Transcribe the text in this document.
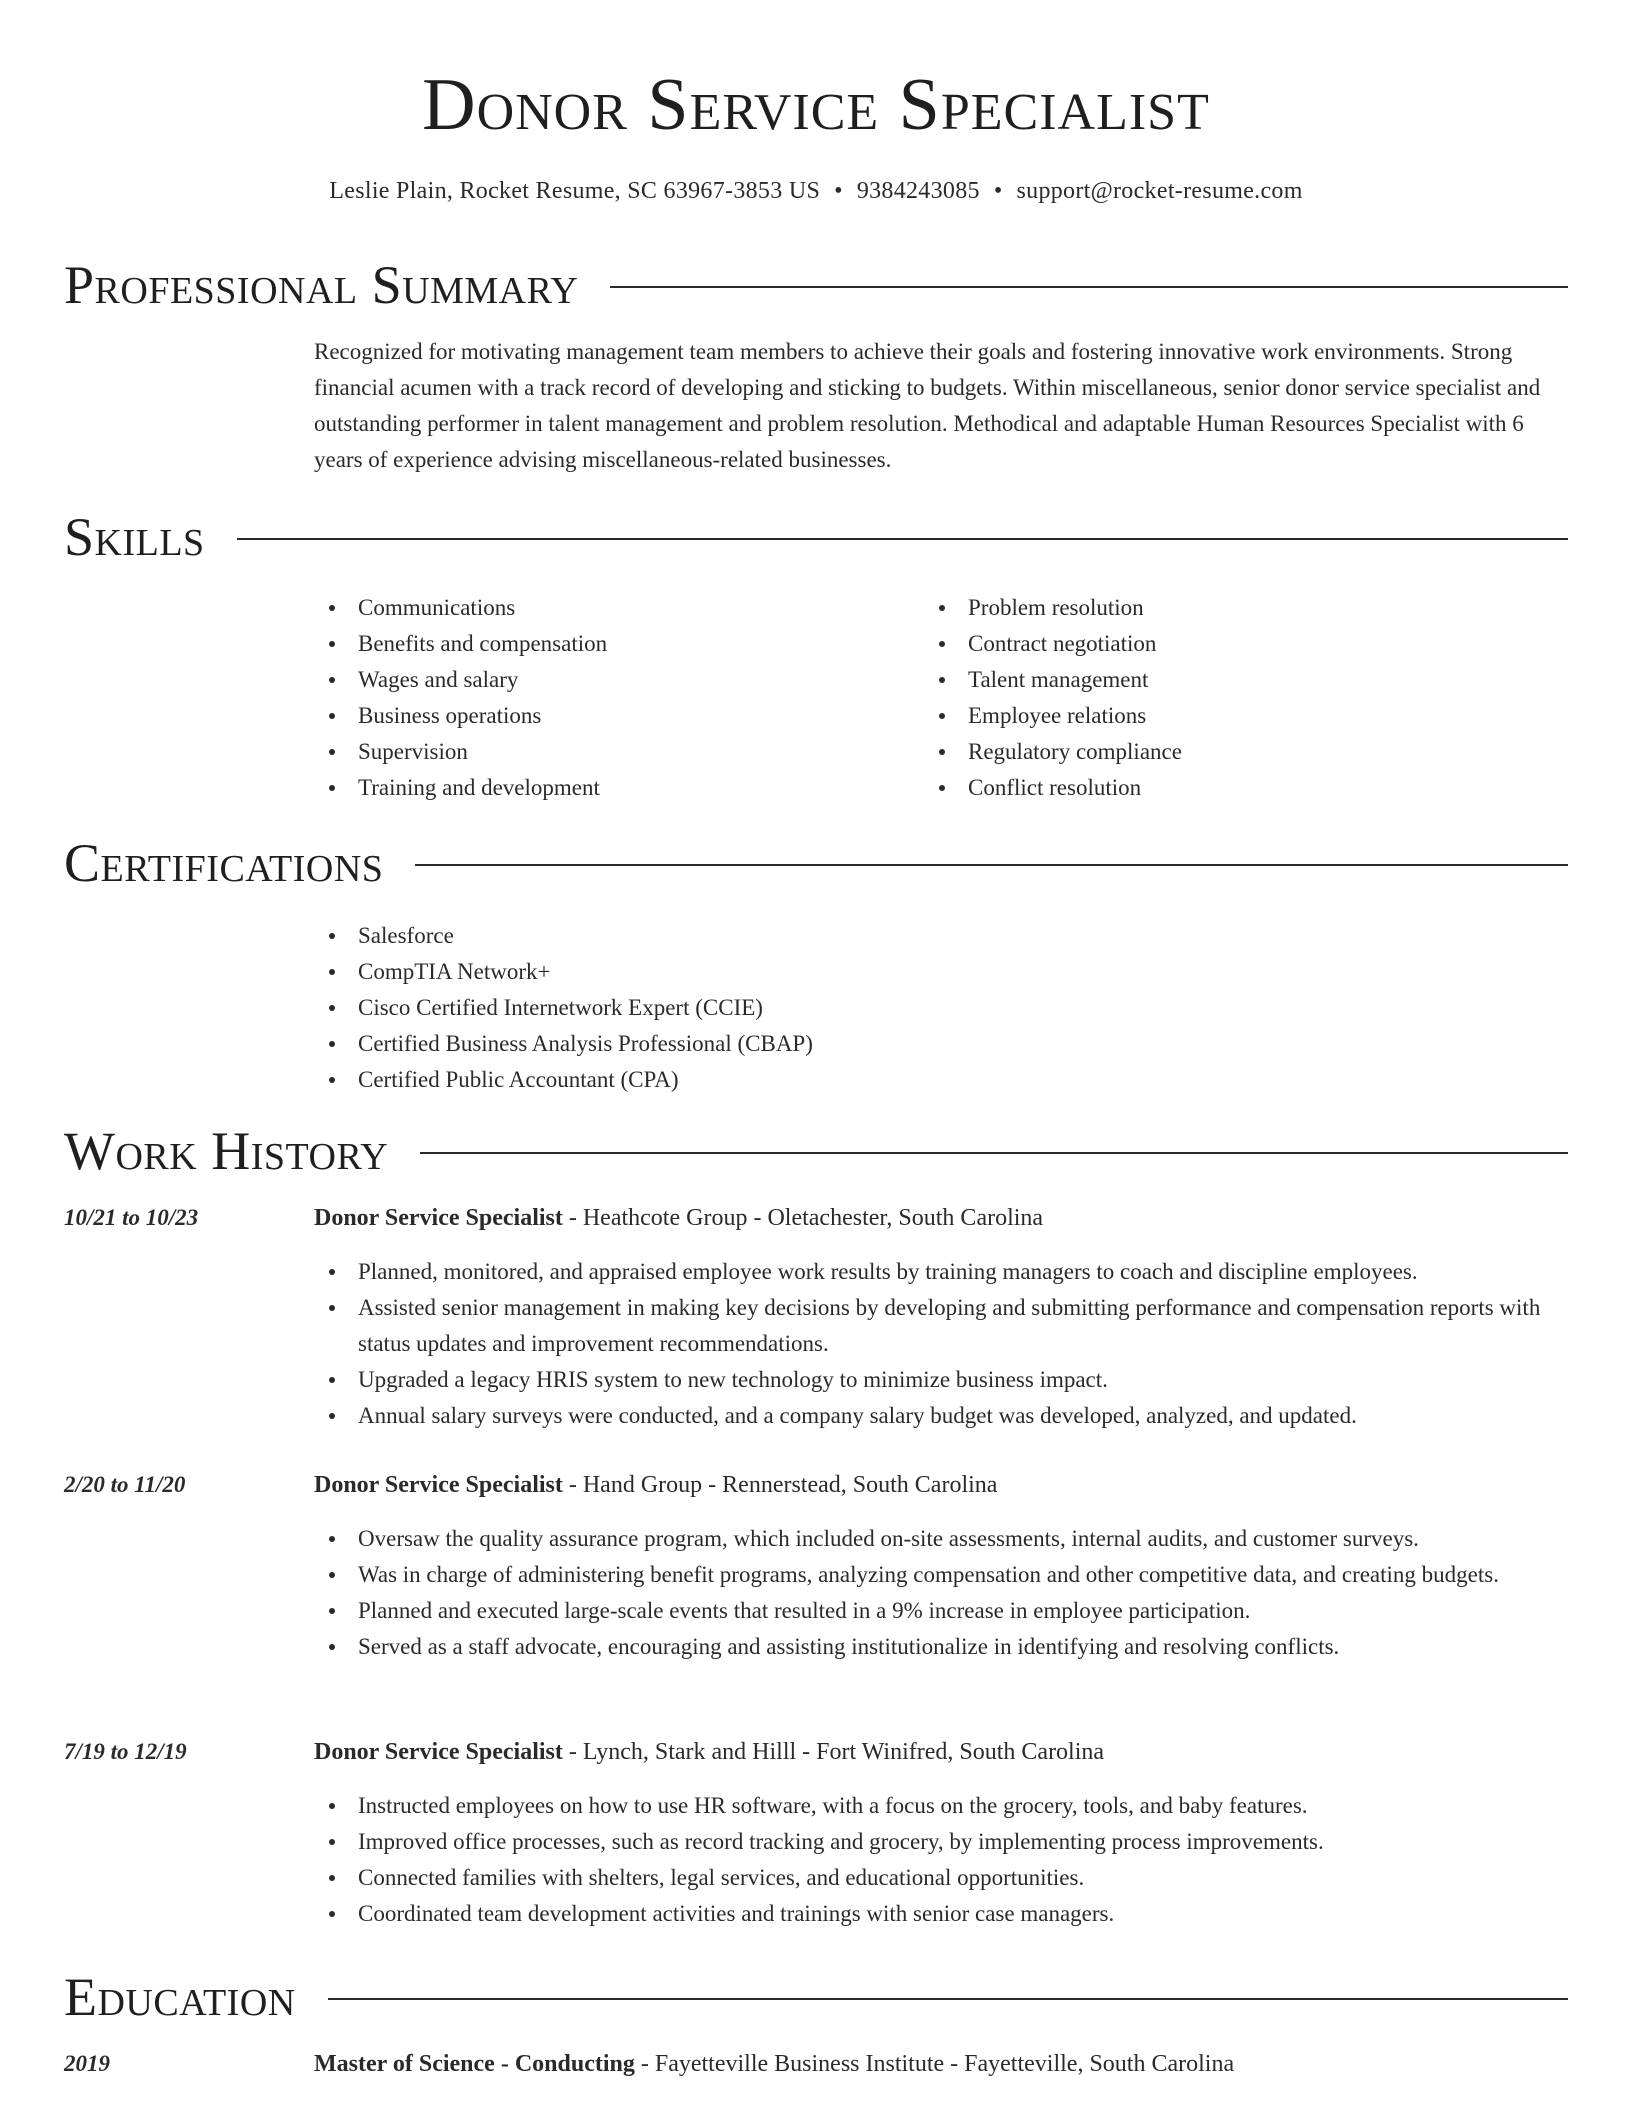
Donor Service Specialist
Leslie Plain, Rocket Resume, SC 63967-3853 US • 9384243085 • support@rocket-resume.com
Professional Summary
Recognized for motivating management team members to achieve their goals and fostering innovative work environments. Strong financial acumen with a track record of developing and sticking to budgets. Within miscellaneous, senior donor service specialist and outstanding performer in talent management and problem resolution. Methodical and adaptable Human Resources Specialist with 6 years of experience advising miscellaneous-related businesses.
Skills
Communications
Benefits and compensation
Wages and salary
Business operations
Supervision
Training and development
Problem resolution
Contract negotiation
Talent management
Employee relations
Regulatory compliance
Conflict resolution
Certifications
Salesforce
CompTIA Network+
Cisco Certified Internetwork Expert (CCIE)
Certified Business Analysis Professional (CBAP)
Certified Public Accountant (CPA)
Work History
10/21 to 10/23	Donor Service Specialist - Heathcote Group - Oletachester, South Carolina
Planned, monitored, and appraised employee work results by training managers to coach and discipline employees.
Assisted senior management in making key decisions by developing and submitting performance and compensation reports with status updates and improvement recommendations.
Upgraded a legacy HRIS system to new technology to minimize business impact.
Annual salary surveys were conducted, and a company salary budget was developed, analyzed, and updated.
2/20 to 11/20	Donor Service Specialist - Hand Group - Rennerstead, South Carolina
Oversaw the quality assurance program, which included on-site assessments, internal audits, and customer surveys.
Was in charge of administering benefit programs, analyzing compensation and other competitive data, and creating budgets.
Planned and executed large-scale events that resulted in a 9% increase in employee participation.
Served as a staff advocate, encouraging and assisting institutionalize in identifying and resolving conflicts.
7/19 to 12/19	Donor Service Specialist - Lynch, Stark and Hilll - Fort Winifred, South Carolina
Instructed employees on how to use HR software, with a focus on the grocery, tools, and baby features.
Improved office processes, such as record tracking and grocery, by implementing process improvements.
Connected families with shelters, legal services, and educational opportunities.
Coordinated team development activities and trainings with senior case managers.
Education
2019	Master of Science - Conducting - Fayetteville Business Institute - Fayetteville, South Carolina
